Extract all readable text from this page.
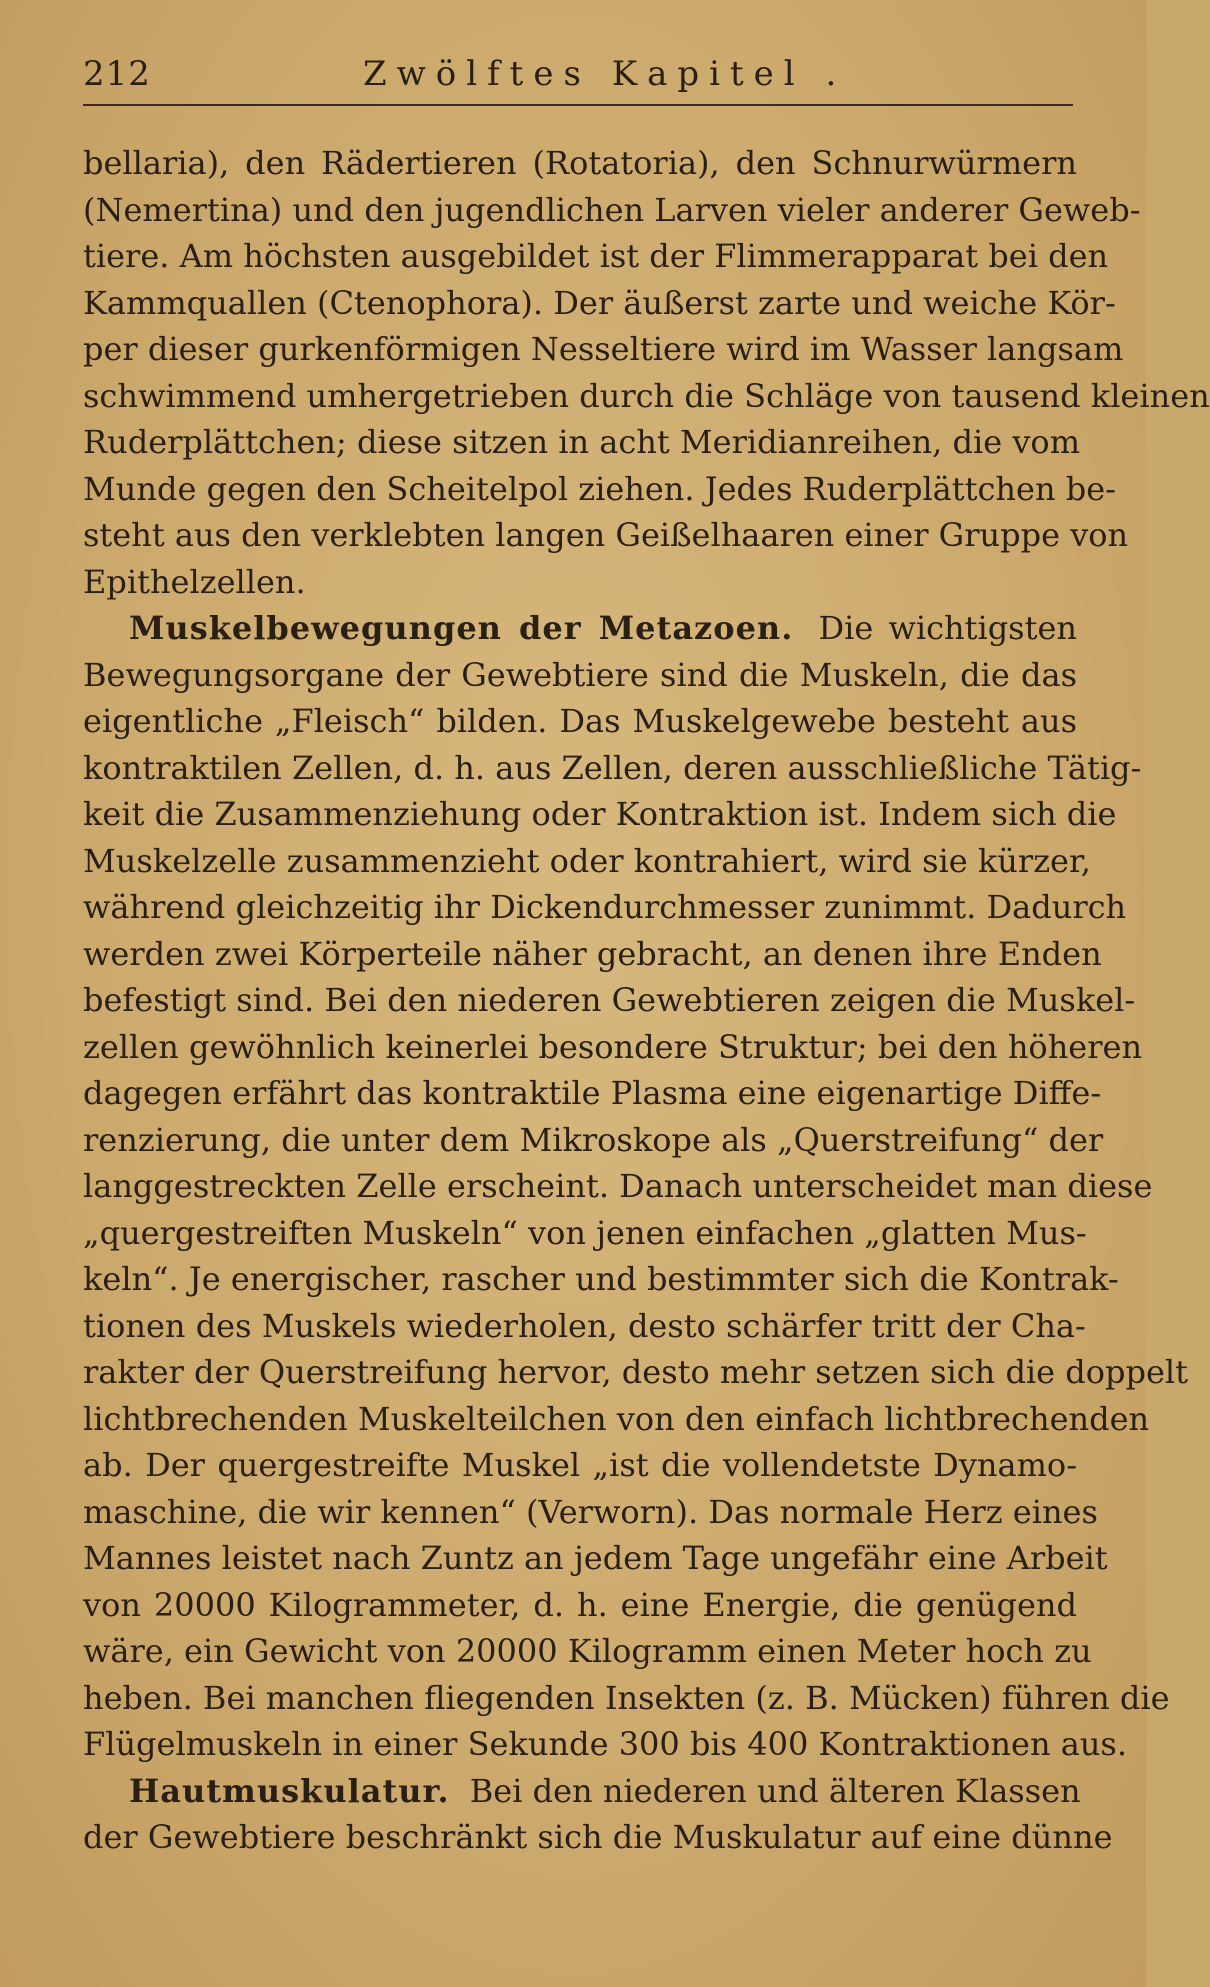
212	Zwölftes Kapitel .
bellaria), den Rädertieren (Rotatoria), den Schnurwürmern
(Nemertina) und den jugendlichen Larven vieler anderer Geweb-
tiere. Am höchsten ausgebildet ist der Flimmerapparat bei den
Kammquallen (Ctenophora). Der äußerst zarte und weiche Kör-
per dieser gurkenförmigen Nesseltiere wird im Wasser langsam
schwimmend umhergetrieben durch die Schläge von tausend kleinen
Ruderplättchen; diese sitzen in acht Meridianreihen, die vom
Munde gegen den Scheitelpol ziehen. Jedes Ruderplättchen be-
steht aus den verklebten langen Geißelhaaren einer Gruppe von
Epithelzellen.
Muskelbewegungen der Metazoen. Die wichtigsten
Bewegungsorgane der Gewebtiere sind die Muskeln, die das
eigentliche „Fleisch“ bilden. Das Muskelgewebe besteht aus
kontraktilen Zellen, d. h. aus Zellen, deren ausschließliche Tätig-
keit die Zusammenziehung oder Kontraktion ist. Indem sich die
Muskelzelle zusammenzieht oder kontrahiert, wird sie kürzer,
während gleichzeitig ihr Dickendurchmesser zunimmt. Dadurch
werden zwei Körperteile näher gebracht, an denen ihre Enden
befestigt sind. Bei den niederen Gewebtieren zeigen die Muskel-
zellen gewöhnlich keinerlei besondere Struktur; bei den höheren
dagegen erfährt das kontraktile Plasma eine eigenartige Diffe-
renzierung, die unter dem Mikroskope als „Querstreifung“ der
langgestreckten Zelle erscheint. Danach unterscheidet man diese
„quergestreiften Muskeln“ von jenen einfachen „glatten Mus-
keln“. Je energischer, rascher und bestimmter sich die Kontrak-
tionen des Muskels wiederholen, desto schärfer tritt der Cha-
rakter der Querstreifung hervor, desto mehr setzen sich die doppelt
lichtbrechenden Muskelteilchen von den einfach lichtbrechenden
ab. Der quergestreifte Muskel „ist die vollendetste Dynamo-
maschine, die wir kennen“ (Verworn). Das normale Herz eines
Mannes leistet nach Zuntz an jedem Tage ungefähr eine Arbeit
von 20000 Kilogrammeter, d. h. eine Energie, die genügend
wäre, ein Gewicht von 20000 Kilogramm einen Meter hoch zu
heben. Bei manchen fliegenden Insekten (z. B. Mücken) führen die
Flügelmuskeln in einer Sekunde 300 bis 400 Kontraktionen aus.
Hautmuskulatur. Bei den niederen und älteren Klassen
der Gewebtiere beschränkt sich die Muskulatur auf eine dünne
